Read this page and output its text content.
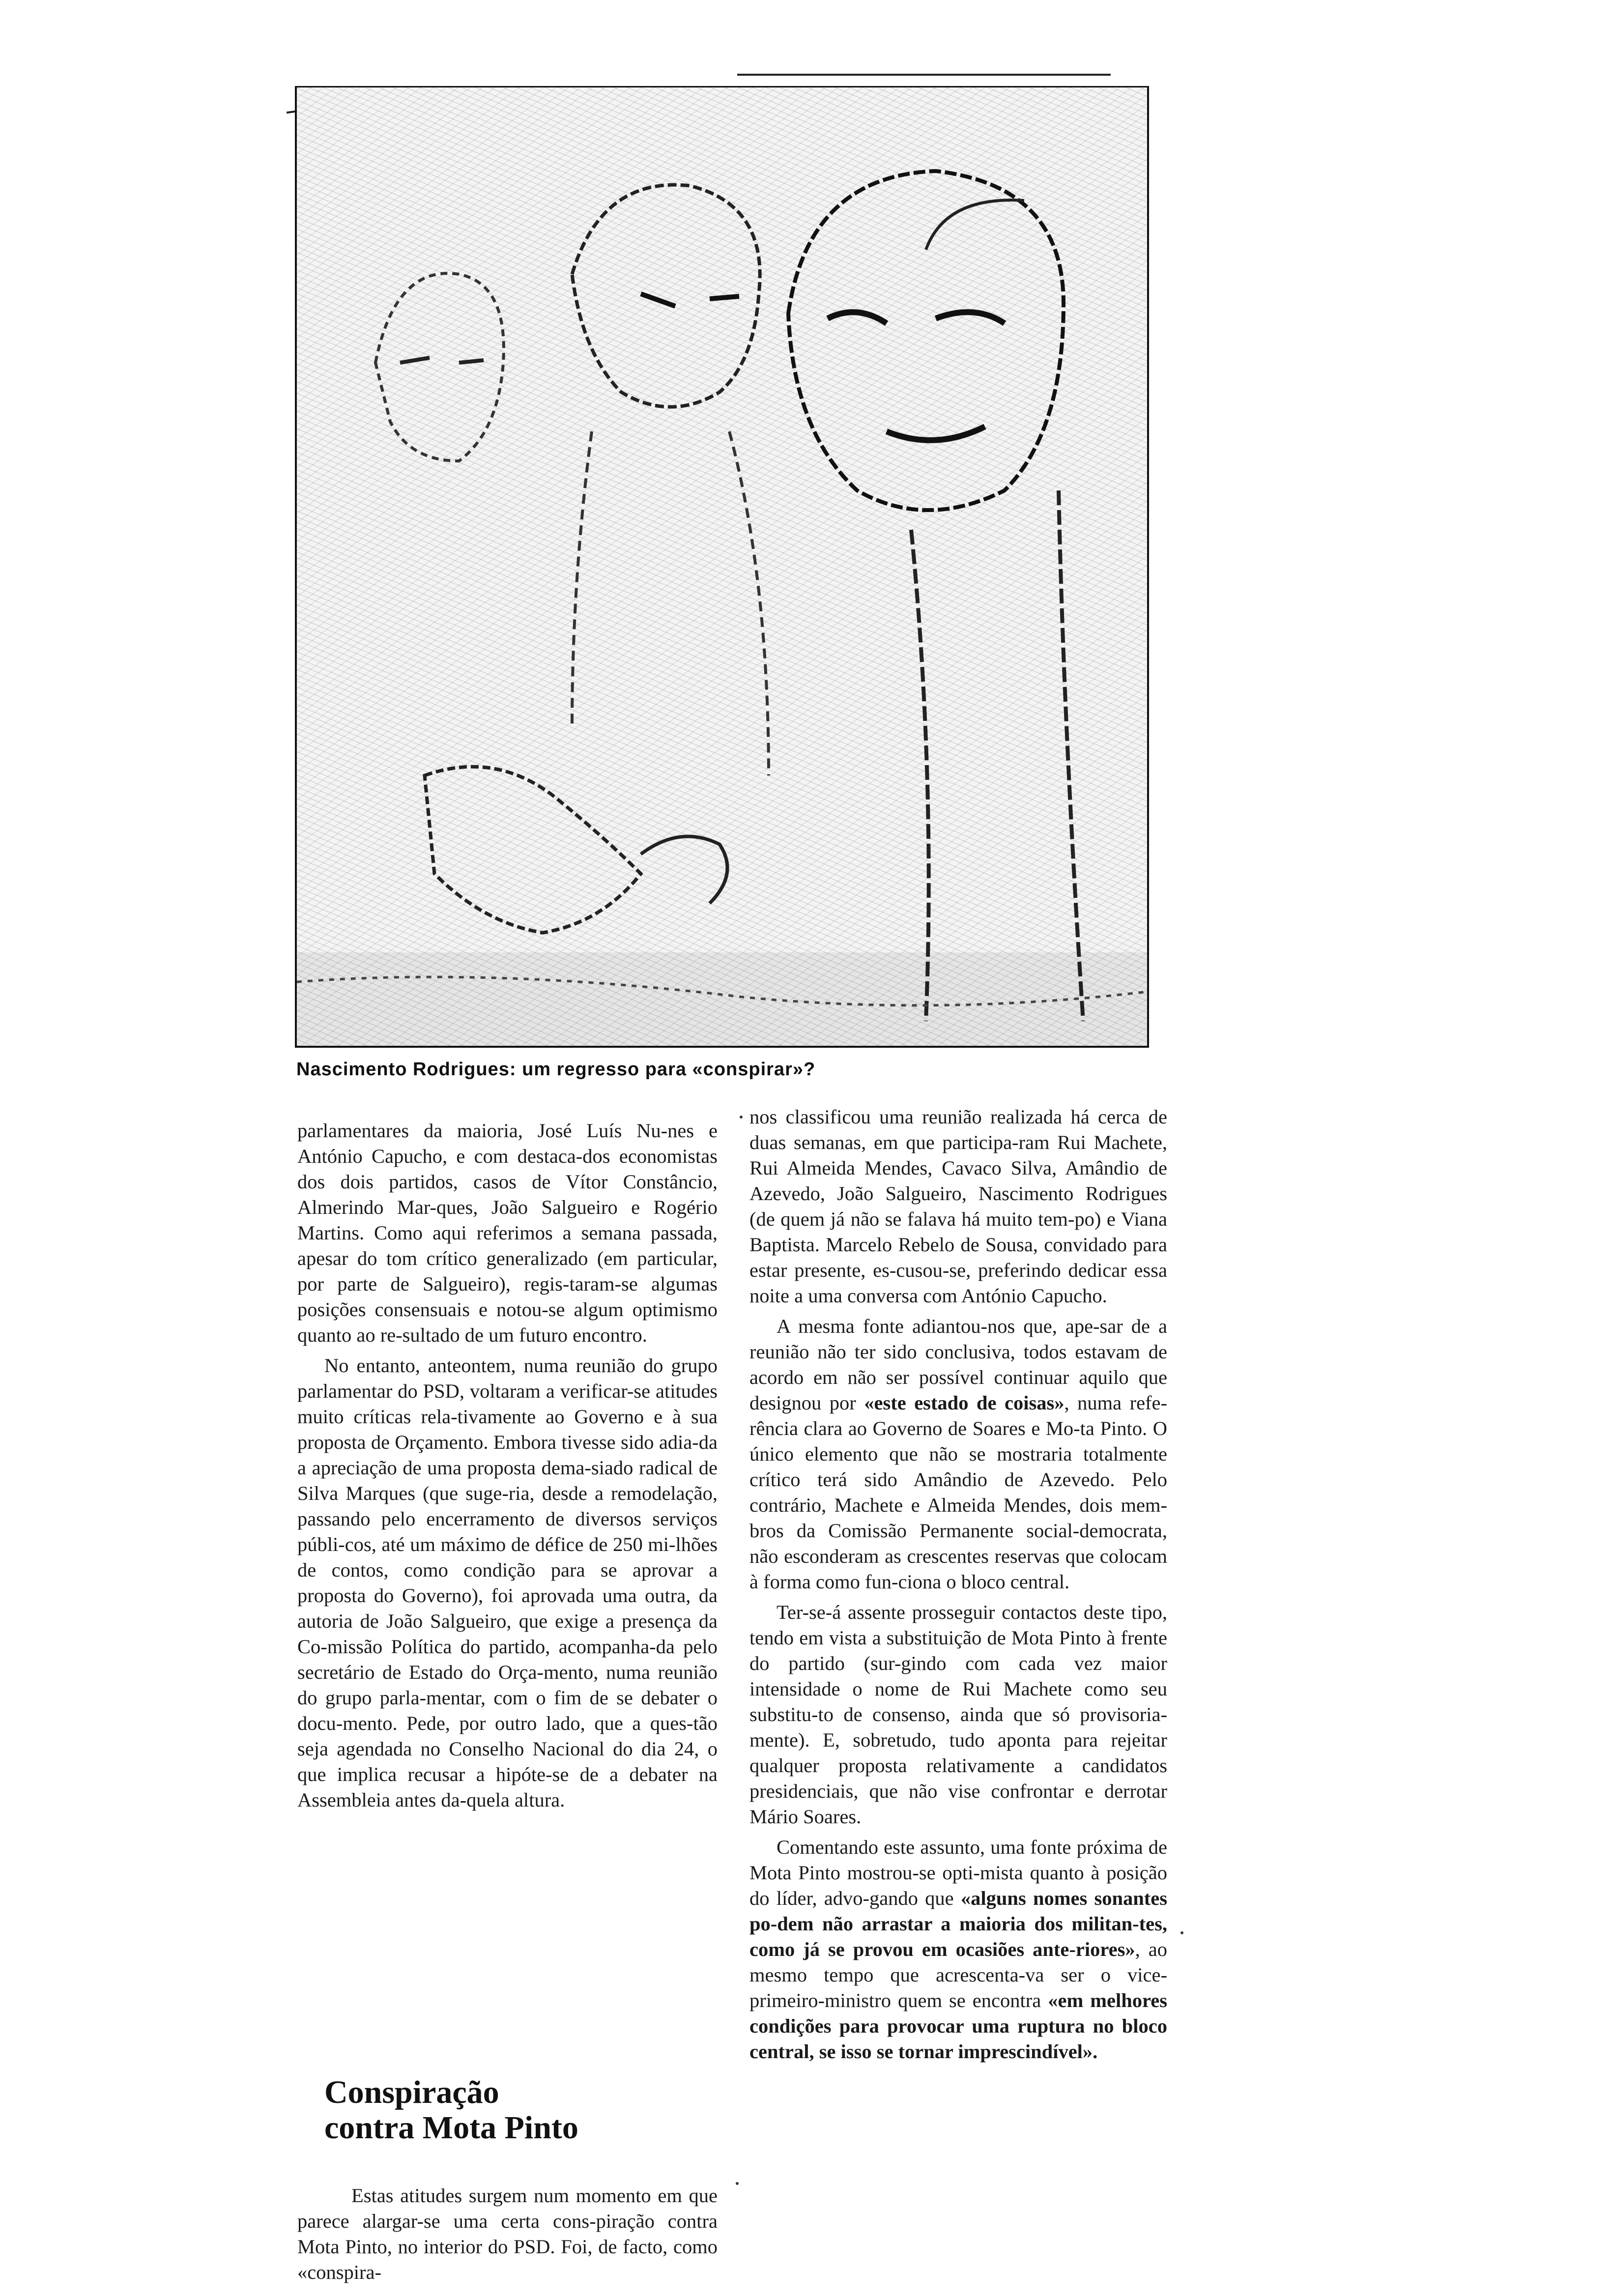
Nascimento Rodrigues: um regresso para «conspirar»?

parlamentares da maioria, José Luís Nu-nes e António Capucho, e com destaca-dos economistas dos dois partidos, casos de Vítor Constâncio, Almerindo Mar-ques, João Salgueiro e Rogério Martins. Como aqui referimos a semana passada, apesar do tom crítico generalizado (em particular, por parte de Salgueiro), regis-taram-se algumas posições consensuais e notou-se algum optimismo quanto ao re-sultado de um futuro encontro.

No entanto, anteontem, numa reunião do grupo parlamentar do PSD, voltaram a verificar-se atitudes muito críticas rela-tivamente ao Governo e à sua proposta de Orçamento. Embora tivesse sido adia-da a apreciação de uma proposta dema-siado radical de Silva Marques (que suge-ria, desde a remodelação, passando pelo encerramento de diversos serviços públi-cos, até um máximo de défice de 250 mi-lhões de contos, como condição para se aprovar a proposta do Governo), foi aprovada uma outra, da autoria de João Salgueiro, que exige a presença da Co-missão Política do partido, acompanha-da pelo secretário de Estado do Orça-mento, numa reunião do grupo parla-mentar, com o fim de se debater o docu-mento. Pede, por outro lado, que a ques-tão seja agendada no Conselho Nacional do dia 24, o que implica recusar a hipóte-se de a debater na Assembleia antes da-quela altura.

Conspiração
contra Mota Pinto

Estas atitudes surgem num momento em que parece alargar-se uma certa cons-piração contra Mota Pinto, no interior do PSD. Foi, de facto, como «conspira-

nos classificou uma reunião realizada há cerca de duas semanas, em que participa-ram Rui Machete, Rui Almeida Mendes, Cavaco Silva, Amândio de Azevedo, João Salgueiro, Nascimento Rodrigues (de quem já não se falava há muito tem-po) e Viana Baptista. Marcelo Rebelo de Sousa, convidado para estar presente, es-cusou-se, preferindo dedicar essa noite a uma conversa com António Capucho.

A mesma fonte adiantou-nos que, ape-sar de a reunião não ter sido conclusiva, todos estavam de acordo em não ser possível continuar aquilo que designou por «este estado de coisas», numa refe-rência clara ao Governo de Soares e Mo-ta Pinto. O único elemento que não se mostraria totalmente crítico terá sido Amândio de Azevedo. Pelo contrário, Machete e Almeida Mendes, dois mem-bros da Comissão Permanente social-democrata, não esconderam as crescentes reservas que colocam à forma como fun-ciona o bloco central.

Ter-se-á assente prosseguir contactos deste tipo, tendo em vista a substituição de Mota Pinto à frente do partido (sur-gindo com cada vez maior intensidade o nome de Rui Machete como seu substitu-to de consenso, ainda que só provisoria-mente). E, sobretudo, tudo aponta para rejeitar qualquer proposta relativamente a candidatos presidenciais, que não vise confrontar e derrotar Mário Soares.

Comentando este assunto, uma fonte próxima de Mota Pinto mostrou-se opti-mista quanto à posição do líder, advo-gando que «alguns nomes sonantes po-dem não arrastar a maioria dos militan-tes, como já se provou em ocasiões ante-riores», ao mesmo tempo que acrescenta-va ser o vice-primeiro-ministro quem se encontra «em melhores condições para provocar uma ruptura no bloco central, se isso se tornar imprescindível».
